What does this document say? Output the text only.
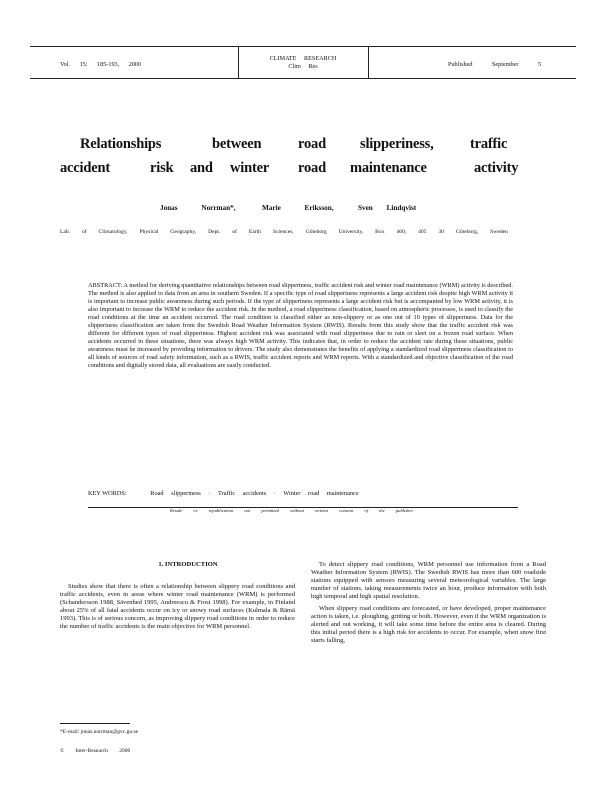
Vol. 15: 185-193, 2000
CLIMATE RESEARCH
Clim Res	Published September 5
Relationships	between	road slipperiness,	traffic
accident	risk and winter road maintenance	activity
Jonas Norrman*,	Marie Eriksson,	Sven Lindqvist
Lab. of Climatology, Physical Geography, Dept. of Earth Sciences, Göteborg University, Box 460, 405 30 Göteborg, Sweden

ABSTRACT: A method for deriving quantitative relationships between road slipperiness, traffic accident risk and winter road maintenance (WRM) activity is described. The method is also applied to data from an area in southern Sweden. If a specific type of road slipperiness represents a large accident risk despite high WRM activity it is important to increase public awareness during such periods. If the type of slipperiness represents a large accident risk but is accompanied by low WRM activity, it is also important to increase the WRM to reduce the accident risk. In the method, a road slipperiness classification, based on atmospheric processes, is used to classify the road conditions at the time an accident occurred. The road condition is classified either as non-slippery or as one out of 10 types of slipperiness. Data for the slipperiness classification are taken from the Swedish Road Weather Information System (RWIS). Results from this study show that the traffic accident risk was different for different types of road slipperiness. Highest accident risk was associated with road slipperiness due to rain or sleet on a frozen road surface. When accidents occurred in these situations, there was always high WRM activity. This indicates that, in order to reduce the accident rate during these situations, public awareness must be increased by providing information to drivers. The study also demonstrates the benefits of applying a standardized road slipperiness classification to all kinds of sources of road safety information, such as a RWIS, traffic accident reports and WRM reports. With a standardized and objective classification of the road conditions and digitally stored data, all evaluations are easily conducted.

KEY WORDS:	Road slipperiness · Traffic accidents · Winter road maintenance
Resale or republication not permitted without written consent of the publisher
1. INTRODUCTION

Studies show that there is often a relationship between slippery road conditions and traffic accidents, even in areas where winter road maintenance (WRM) is performed (Schandersson 1988, Sävenhed 1995, Andreescu & Frost 1998). For example, in Finland about 25% of all fatal accidents occur on icy or snowy road surfaces (Kulmala & Rämä 1993). This is of serious concern, as improving slippery road conditions in order to reduce the number of traffic accidents is the main objective for WRM personnel.

To detect slippery road conditions, WRM personnel use information from a Road Weather Information System (RWIS). The Swedish RWIS has more than 600 roadside stations equipped with sensors measuring several meteorological variables. The large number of stations, taking measurements twice an hour, produce information with both high temporal and high spatial resolution.

When slippery road conditions are forecasted, or have developed, proper maintenance action is taken, i.e. ploughing, gritting or both. However, even if the WRM organization is alerted and out working, it will take some time before the entire area is cleared. During this initial period there is a high risk for accidents to occur. For example, when snow first starts falling,

*E-mail: jonas.norrman@gvc.gu.se
© Inter-Research 2000
